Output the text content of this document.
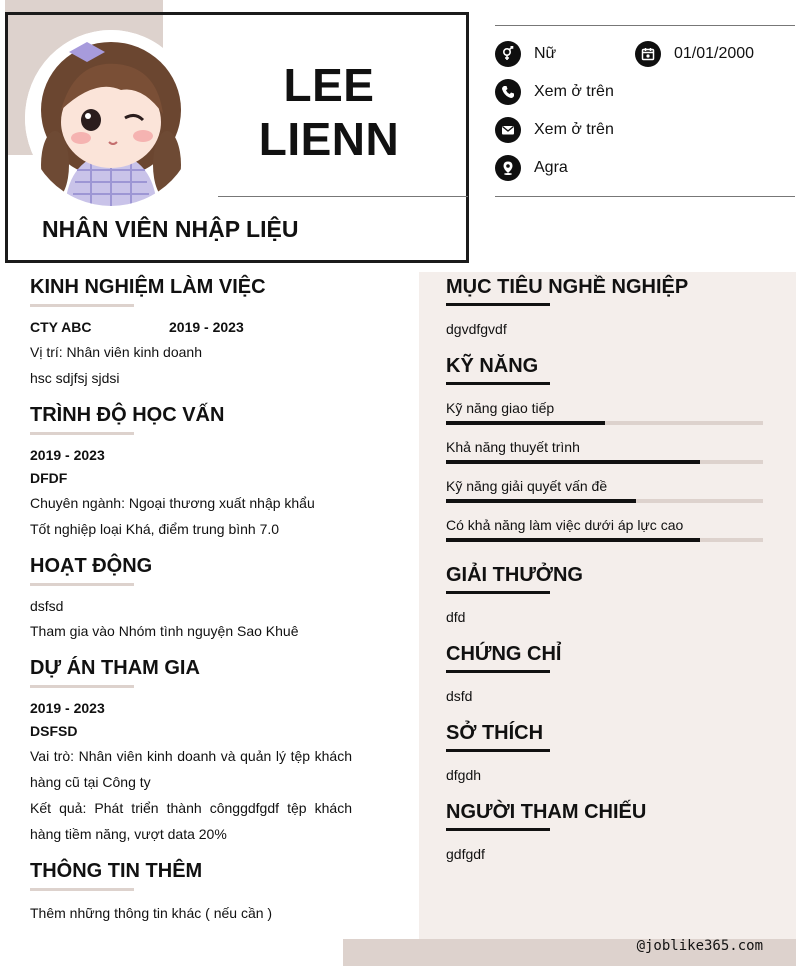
LEE LIENN
NHÂN VIÊN NHẬP LIỆU
Nữ	01/01/2000
Xem ở trên
Xem ở trên
Agra
KINH NGHIỆM LÀM VIỆC
CTY ABC	2019 - 2023
Vị trí: Nhân viên kinh doanh
hsc sdjfsj sjdsi
TRÌNH ĐỘ HỌC VẤN
2019 - 2023
DFDF
Chuyên ngành: Ngoại thương xuất nhập khẩu
Tốt nghiệp loại Khá, điểm trung bình 7.0
HOẠT ĐỘNG
dsfsd
Tham gia vào Nhóm tình nguyện Sao Khuê
DỰ ÁN THAM GIA
2019 - 2023
DSFSD
Vai trò: Nhân viên kinh doanh và quản lý tệp khách hàng cũ tại Công ty
Kết quả: Phát triển thành cônggdfgdf tệp khách hàng tiềm năng, vượt data 20%
THÔNG TIN THÊM
Thêm những thông tin khác ( nếu cần )
MỤC TIÊU NGHỀ NGHIỆP
dgvdfgvdf
KỸ NĂNG
Kỹ năng giao tiếp
Khả năng thuyết trình
Kỹ năng giải quyết vấn đề
Có khả năng làm việc dưới áp lực cao
GIẢI THƯỞNG
dfd
CHỨNG CHỈ
dsfd
SỞ THÍCH
dfgdh
NGƯỜI THAM CHIẾU
gdfgdf
@joblike365.com
